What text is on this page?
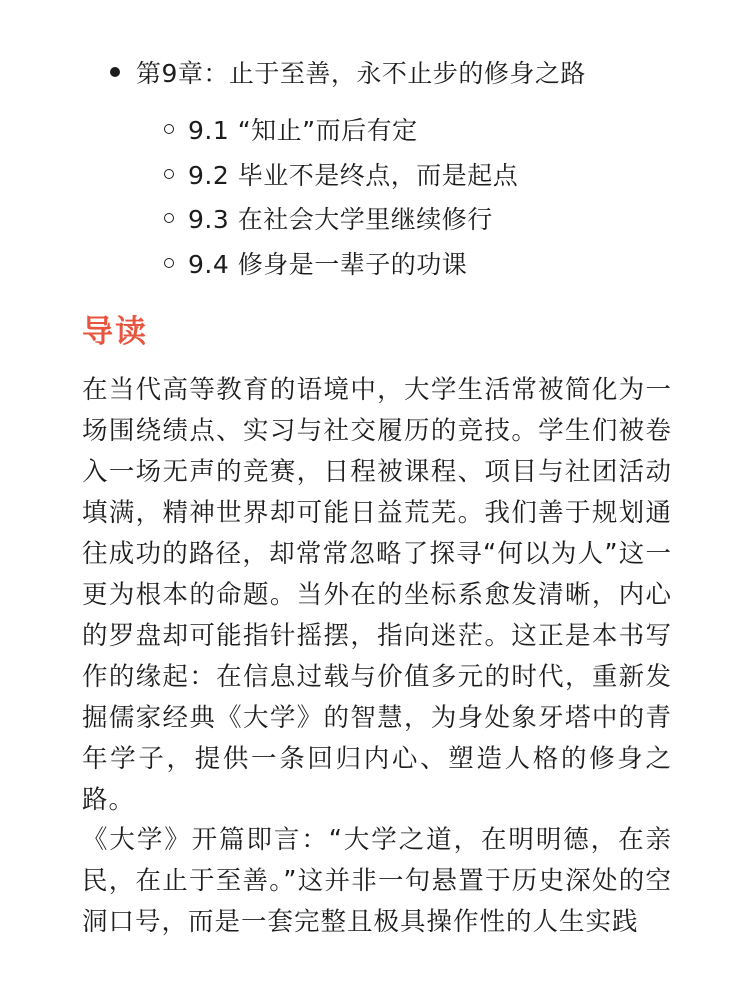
第9章：止于至善，永不止步的修身之路
9.1 “知止”而后有定
9.2 毕业不是终点，而是起点
9.3 在社会大学里继续修行
9.4 修身是一辈子的功课
导读

在当代高等教育的语境中，大学生活常被简化为一场围绕绩点、实习与社交履历的竞技。学生们被卷入一场无声的竞赛，日程被课程、项目与社团活动填满，精神世界却可能日益荒芜。我们善于规划通往成功的路径，却常常忽略了探寻“何以为人”这一更为根本的命题。当外在的坐标系愈发清晰，内心的罗盘却可能指针摇摆，指向迷茫。这正是本书写作的缘起：在信息过载与价值多元的时代，重新发掘儒家经典《大学》的智慧，为身处象牙塔中的青年学子，提供一条回归内心、塑造人格的修身之路。

《大学》开篇即言：“大学之道，在明明德，在亲民，在止于至善。”这并非一句悬置于历史深处的空洞口号，而是一套完整且极具操作性的人生实践
